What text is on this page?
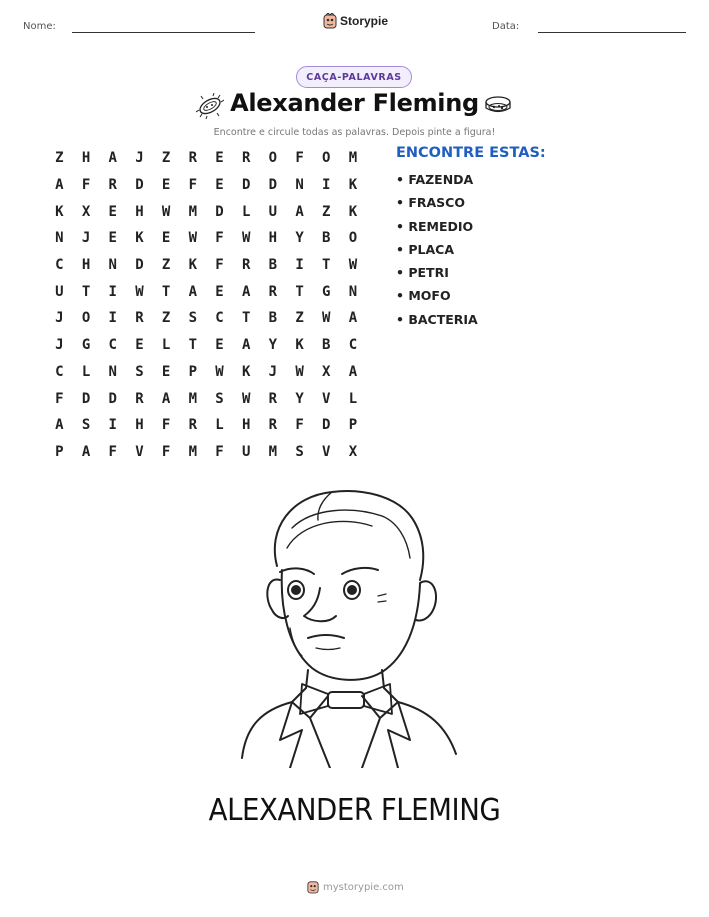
Nome:	Storypie	Data:
CAÇA-PALAVRAS
Alexander Fleming
Encontre e circule todas as palavras. Depois pinte a figura!
Z	H	A	J	Z	R	E	R	O	F	O	M
A	F	R	D	E	F	E	D	D	N	I	K
K	X	E	H	W	M	D	L	U	A	Z	K
N	J	E	K	E	W	F	W	H	Y	B	O
C	H	N	D	Z	K	F	R	B	I	T	W
U	T	I	W	T	A	E	A	R	T	G	N
J	O	I	R	Z	S	C	T	B	Z	W	A
J	G	C	E	L	T	E	A	Y	K	B	C
C	L	N	S	E	P	W	K	J	W	X	A
F	D	D	R	A	M	S	W	R	Y	V	L
A	S	I	H	F	R	L	H	R	F	D	P
P	A	F	V	F	M	F	U	M	S	V	X
ENCONTRE ESTAS:
• FAZENDA
• FRASCO
• REMEDIO
• PLACA
• PETRI
• MOFO
• BACTERIA
ALEXANDER FLEMING
mystorypie.com
